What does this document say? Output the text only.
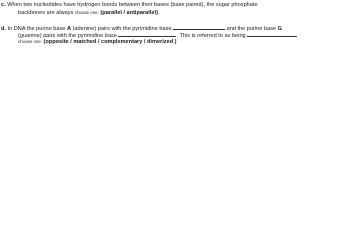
c. When two nucleotides have hydrogen bonds between their bases (base paired), the sugar phosphate
backbones are always choose one: (parallel / antiparallel)
d. In DNA the purine base A (adenine) pairs with the pyrimidine base	and the purine base G
(guanine) pairs with the pyrimidine base	. This is referred to as being
choose one: (opposite / matched / complementary / dimerized )
